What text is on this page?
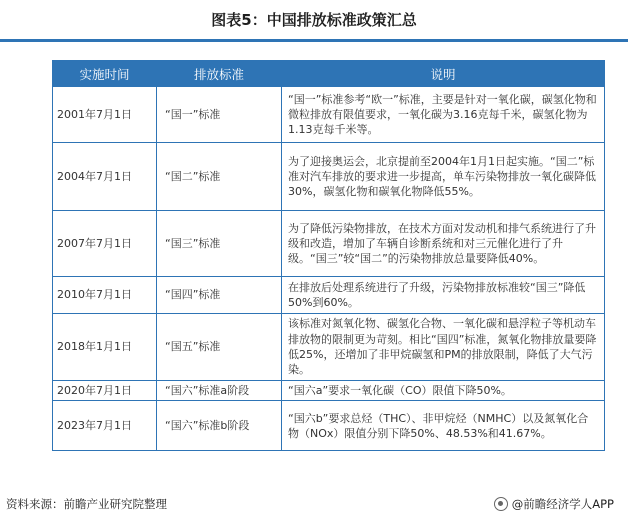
图表5：中国排放标准政策汇总
实施时间	排放标准	说明
2001年7月1日	“国一”标准	“国一”标准参考“欧一”标准，主要是针对一氧化碳，碳氢化物和微粒排放有限值要求，一氧化碳为3.16克每千米，碳氢化物为1.13克每千米等。
2004年7月1日	“国二”标准	为了迎接奥运会，北京提前至2004年1月1日起实施。“国二”标准对汽车排放的要求进一步提高，单车污染物排放一氧化碳降低30%，碳氢化物和碳氧化物降低55%。
2007年7月1日	“国三”标准	为了降低污染物排放，在技术方面对发动机和排气系统进行了升级和改造，增加了车辆自诊断系统和对三元催化进行了升级。“国三”较“国二”的污染物排放总量要降低40%。
2010年7月1日	“国四”标准	在排放后处理系统进行了升级，污染物排放标准较“国三”降低50%到60%。
2018年1月1日	“国五”标准	该标准对氮氧化物、碳氢化合物、一氧化碳和悬浮粒子等机动车排放物的限制更为苛刻。相比“国四”标准，氮氧化物排放量要降低25%，还增加了非甲烷碳氢和PM的排放限制，降低了大气污染。
2020年7月1日	“国六”标准a阶段	“国六a”要求一氧化碳（CO）限值下降50%。
2023年7月1日	“国六”标准b阶段	“国六b”要求总烃（THC）、非甲烷烃（NMHC）以及氮氧化合物（NOx）限值分别下降50%、48.53%和41.67%。
资料来源：前瞻产业研究院整理	@前瞻经济学人APP
